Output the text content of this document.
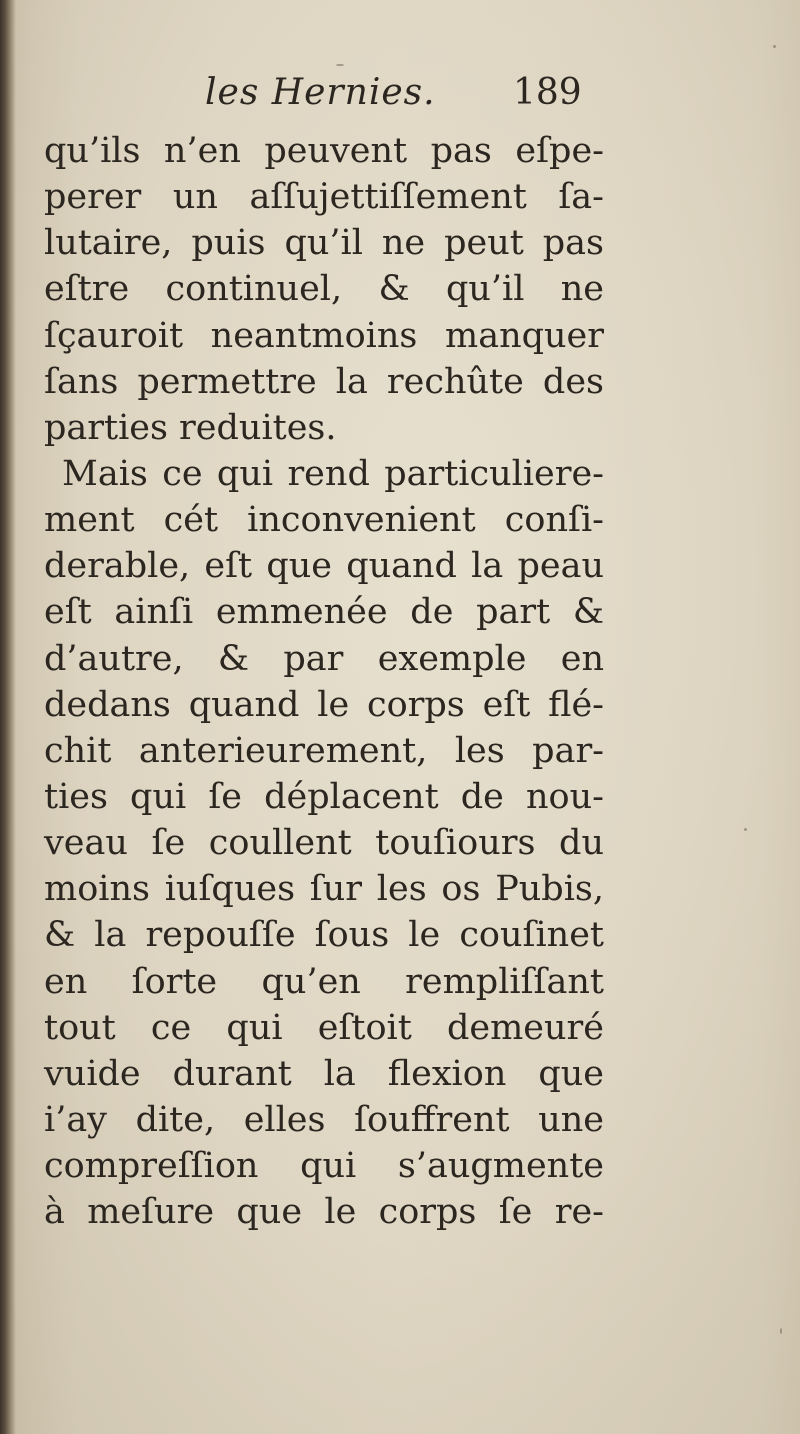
les Hernies. 189
qu’ils n’en peuvent pas eſpe-
perer un aſſujettiſſement ſa-
lutaire, puis qu’il ne peut pas
eſtre continuel, & qu’il ne
ſçauroit neantmoins manquer
ſans permettre la rechûte des
parties reduites.
Mais ce qui rend particuliere-
ment cét inconvenient conſi-
derable, eſt que quand la peau
eſt ainſi emmenée de part &
d’autre, & par exemple en
dedans quand le corps eſt flé-
chit anterieurement, les par-
ties qui ſe déplacent de nou-
veau ſe coullent touſiours du
moins iuſques ſur les os Pubis,
& la repouſſe ſous le couſinet
en ſorte qu’en rempliſſant
tout ce qui eſtoit demeuré
vuide durant la flexion que
i’ay dite, elles ſouffrent une
compreſſion qui s’augmente
à meſure que le corps ſe re-
